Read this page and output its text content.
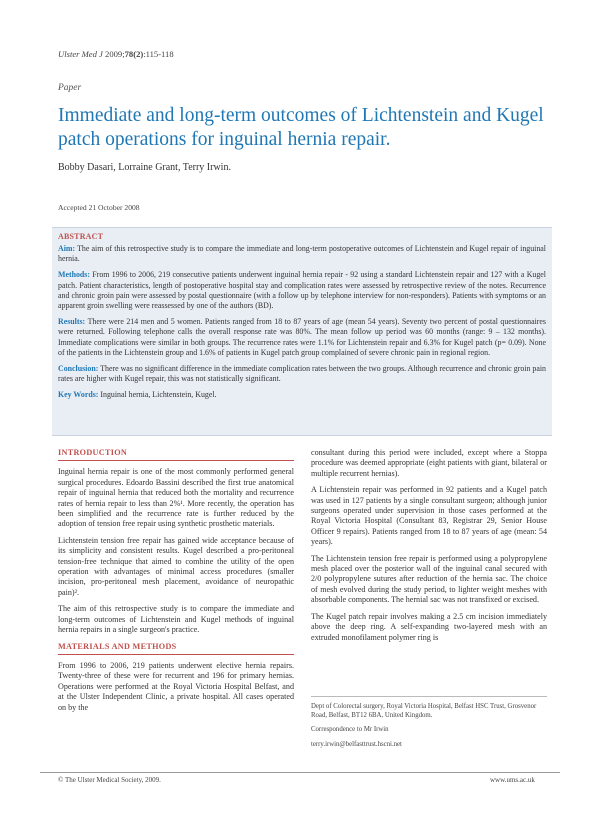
Ulster Med J 2009;78(2):115-118
Paper
Immediate and long-term outcomes of Lichtenstein and Kugel patch operations for inguinal hernia repair.
Bobby Dasari, Lorraine Grant, Terry Irwin.
Accepted 21 October 2008
ABSTRACT

Aim: The aim of this retrospective study is to compare the immediate and long-term postoperative outcomes of Lichtenstein and Kugel repair of inguinal hernia.

Methods: From 1996 to 2006, 219 consecutive patients underwent inguinal hernia repair - 92 using a standard Lichtenstein repair and 127 with a Kugel patch. Patient characteristics, length of postoperative hospital stay and complication rates were assessed by retrospective review of the notes. Recurrence and chronic groin pain were assessed by postal questionnaire (with a follow up by telephone interview for non-responders). Patients with symptoms or an apparent groin swelling were reassessed by one of the authors (BD).

Results: There were 214 men and 5 women. Patients ranged from 18 to 87 years of age (mean 54 years). Seventy two percent of postal questionnaires were returned. Following telephone calls the overall response rate was 80%. The mean follow up period was 60 months (range: 9 – 132 months). Immediate complications were similar in both groups. The recurrence rates were 1.1% for Lichtenstein repair and 6.3% for Kugel patch (p= 0.09). None of the patients in the Lichtenstein group and 1.6% of patients in Kugel patch group complained of severe chronic pain in regional region.

Conclusion: There was no significant difference in the immediate complication rates between the two groups. Although recurrence and chronic groin pain rates are higher with Kugel repair, this was not statistically significant.

Key Words: Inguinal hernia, Lichtenstein, Kugel.

INTRODUCTION

Inguinal hernia repair is one of the most commonly performed general surgical procedures. Edoardo Bassini described the first true anatomical repair of inguinal hernia that reduced both the mortality and recurrence rates of hernia repair to less than 2%¹. More recently, the operation has been simplified and the recurrence rate is further reduced by the adoption of tension free repair using synthetic prosthetic materials.

Lichtenstein tension free repair has gained wide acceptance because of its simplicity and consistent results. Kugel described a pro-peritoneal tension-free technique that aimed to combine the utility of the open operation with advantages of minimal access procedures (smaller incision, pro-peritoneal mesh placement, avoidance of neuropathic pain)².

The aim of this retrospective study is to compare the immediate and long-term outcomes of Lichtenstein and Kugel methods of inguinal hernia repairs in a single surgeon's practice.

MATERIALS AND METHODS

From 1996 to 2006, 219 patients underwent elective hernia repairs. Twenty-three of these were for recurrent and 196 for primary hernias. Operations were performed at the Royal Victoria Hospital Belfast, and at the Ulster Independent Clinic, a private hospital. All cases operated on by the

consultant during this period were included, except where a Stoppa procedure was deemed appropriate (eight patients with giant, bilateral or multiple recurrent hernias).

A Lichtenstein repair was performed in 92 patients and a Kugel patch was used in 127 patients by a single consultant surgeon; although junior surgeons operated under supervision in those cases performed at the Royal Victoria Hospital (Consultant 83, Registrar 29, Senior House Officer 9 repairs). Patients ranged from 18 to 87 years of age (mean: 54 years).

The Lichtenstein tension free repair is performed using a polypropylene mesh placed over the posterior wall of the inguinal canal secured with 2/0 polypropylene sutures after reduction of the hernia sac. The choice of mesh evolved during the study period, to lighter weight meshes with absorbable components. The hernial sac was not transfixed or excised.

The Kugel patch repair involves making a 2.5 cm incision immediately above the deep ring. A self-expanding two-layered mesh with an extruded monofilament polymer ring is

Dept of Colorectal surgery, Royal Victoria Hospital, Belfast HSC Trust, Grosvenor Road, Belfast, BT12 6BA, United Kingdom.

Correspondence to Mr Irwin

terry.irwin@belfasttrust.hscni.net

© The Ulster Medical Society, 2009.	www.ums.ac.uk
